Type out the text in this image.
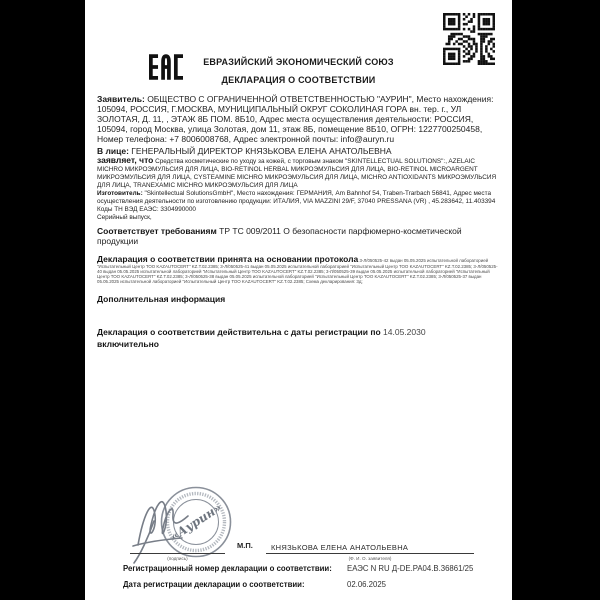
ЕВРАЗИЙСКИЙ ЭКОНОМИЧЕСКИЙ СОЮЗ
ДЕКЛАРАЦИЯ О СООТВЕТСТВИИ
Заявитель: ОБЩЕСТВО С ОГРАНИЧЕННОЙ ОТВЕТСТВЕННОСТЬЮ "АУРИН", Место нахождения: 105094, РОССИЯ, Г.МОСКВА, МУНИЦИПАЛЬНЫЙ ОКРУГ СОКОЛИНАЯ ГОРА вн. тер. г., УЛ ЗОЛОТАЯ, Д. 11, , ЭТАЖ 8Б ПОМ. 8Б10, Адрес места осуществления деятельности: РОССИЯ, 105094, город Москва, улица Золотая, дом 11, этаж 8Б, помещение 8Б10, ОГРН: 1227700250458, Номер телефона: +7 8006008768, Адрес электронной почты: info@auryn.ru
В лице: ГЕНЕРАЛЬНЫЙ ДИРЕКТОР КНЯЗЬКОВА ЕЛЕНА АНАТОЛЬЕВНА
заявляет, что Средства косметические по уходу за кожей, с торговым знаком "SKINTELLECTUAL SOLUTIONS":, AZELAIC MICHRO МИКРОЭМУЛЬСИЯ ДЛЯ ЛИЦА, BIO-RETINOL HERBAL МИКРОЭМУЛЬСИЯ ДЛЯ ЛИЦА, BIO-RETINOL MICROARGENT МИКРОЭМУЛЬСИЯ ДЛЯ ЛИЦА, CYSTEAMINE MICHRO МИКРОЭМУЛЬСИЯ ДЛЯ ЛИЦА, MICHRO ANTIOXIDANTS МИКРОЭМУЛЬСИЯ ДЛЯ ЛИЦА, TRANEXAMIC MICHRO МИКРОЭМУЛЬСИЯ ДЛЯ ЛИЦА
Изготовитель: "Skintellectual SolutionsGmbH", Место нахождения: ГЕРМАНИЯ, Am Bahnhof 54, Traben-Trarbach 56841, Адрес места осуществления деятельности по изготовлению продукции: ИТАЛИЯ, VIA MAZZINI 29/F, 37040 PRESSANA (VR) , 45.283642, 11.403394
Коды ТН ВЭД ЕАЭС: 3304990000
Серийный выпуск,
Соответствует требованиям ТР ТС 009/2011 О безопасности парфюмерно-косметической продукции
Декларация о соответствии принята на основании протокола 3-Л/050525-42 выдан 05.05.2025 испытательной лабораторией "Испытательный Центр ТОО KAZAUTOCERT" KZ.Т.02.2385; 3-Л/050525-41 выдан 05.05.2025 испытательной лабораторией "Испытательный Центр ТОО KAZAUTOCERT" KZ.Т.02.2385; 3-Л/050525-40 выдан 05.05.2025 испытательной лабораторией "Испытательный Центр ТОО KAZAUTOCERT" KZ.Т.02.2385; 3-Л/050525-39 выдан 05.05.2025 испытательной лабораторией "Испытательный Центр ТОО KAZAUTOCERT" KZ.Т.02.2385; 3-Л/050525-38 выдан 05.05.2025 испытательной лабораторией "Испытательный Центр ТОО KAZAUTOCERT" KZ.Т.02.2385; 3-Л/050525-37 выдан 05.05.2025 испытательной лабораторией "Испытательный Центр ТОО KAZAUTOCERT" KZ.Т.02.2385; Схема декларирования: 3д;
Дополнительная информация
Декларация о соответствии действительна с даты регистрации по 14.05.2030 включительно
«Аурин»
(подпись)
М.П. КНЯЗЬКОВА ЕЛЕНА АНАТОЛЬЕВНА
(Ф. И. О. заявителя)
Регистрационный номер декларации о соответствии: ЕАЭС N RU Д-DE.PA04.B.36861/25
Дата регистрации декларации о соответствии:	02.06.2025
